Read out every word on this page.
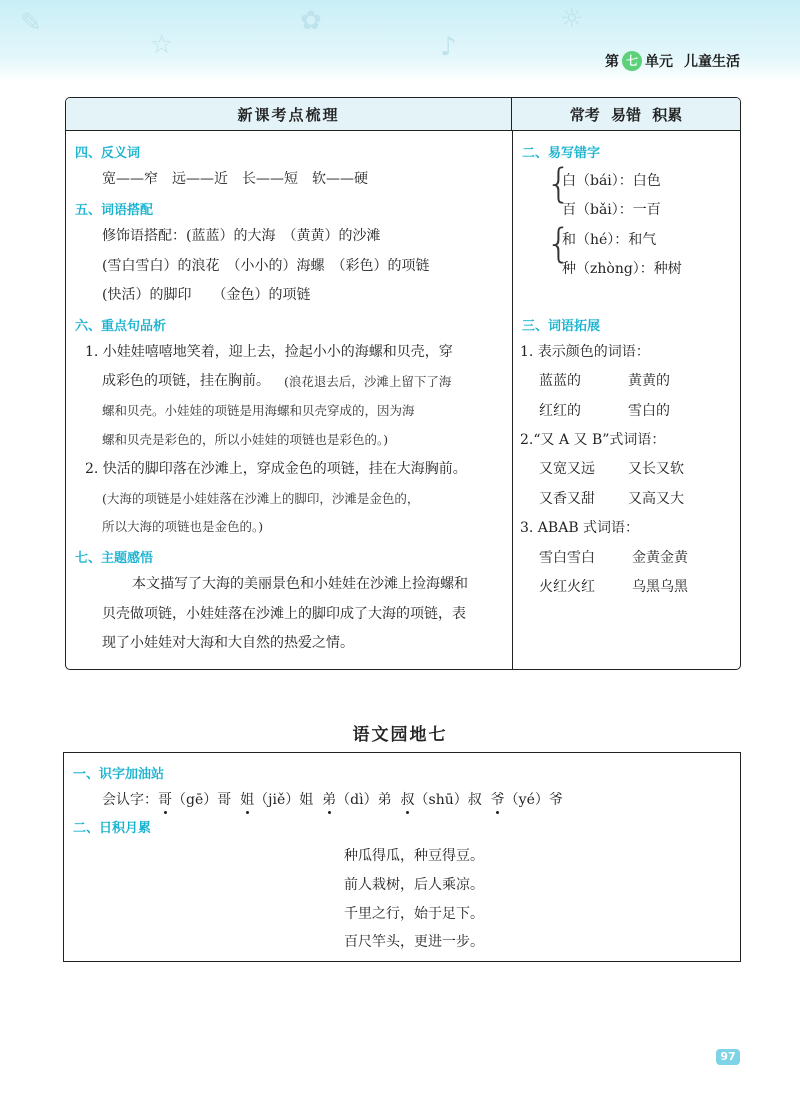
✎
☆
✿
♪
☼
第 七 单元 儿童生活
新课考点梳理	常考 易错 积累
四、反义词
宽——窄　远——近　长——短　软——硬
五、词语搭配
修饰语搭配：(蓝蓝）的大海　（黄黄）的沙滩
(雪白雪白）的浪花　（小小的）海螺　（彩色）的项链
(快活）的脚印　　（金色）的项链
六、重点句品析
1. 小娃娃嘻嘻地笑着，迎上去，捡起小小的海螺和贝壳，穿
成彩色的项链，挂在胸前。 (浪花退去后，沙滩上留下了海
螺和贝壳。小娃娃的项链是用海螺和贝壳穿成的，因为海
螺和贝壳是彩色的，所以小娃娃的项链也是彩色的。)
2. 快活的脚印落在沙滩上，穿成金色的项链，挂在大海胸前。
(大海的项链是小娃娃落在沙滩上的脚印，沙滩是金色的，
所以大海的项链也是金色的。)
七、主题感悟
本文描写了大海的美丽景色和小娃娃在沙滩上捡海螺和
贝壳做项链，小娃娃落在沙滩上的脚印成了大海的项链，表
现了小娃娃对大海和大自然的热爱之情。
二、易写错字
{
白（bái）：白色
百（bǎi）：一百
{
和（hé）：和气
种（zhòng）：种树
三、词语拓展
1. 表示颜色的词语：
蓝蓝的	黄黄的
红红的	雪白的
2.“又 A 又 B”式词语：
又宽又远 又长又软
又香又甜 又高又大
3. ABAB 式词语：
雪白雪白	金黄金黄
火红火红	乌黑乌黑
语文园地七
一、识字加油站
会认字：哥（gē）哥 姐（jiě）姐 弟（dì）弟 叔（shū）叔 爷（yé）爷
二、日积月累
种瓜得瓜，种豆得豆。
前人栽树，后人乘凉。
千里之行，始于足下。
百尺竿头，更进一步。
97
